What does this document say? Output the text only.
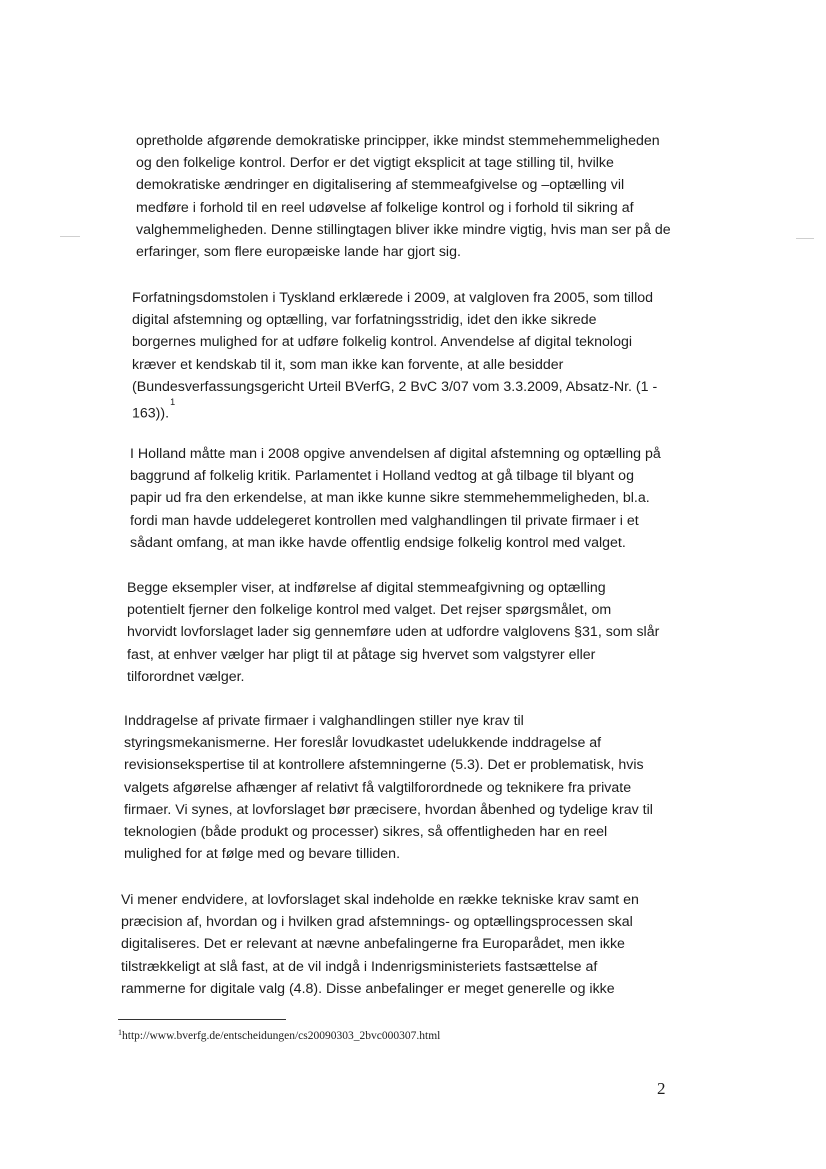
opretholde afgørende demokratiske principper, ikke mindst stemmehemmeligheden
og den folkelige kontrol. Derfor er det vigtigt eksplicit at tage stilling til, hvilke
demokratiske ændringer en digitalisering af stemmeafgivelse og –optælling vil
medføre i forhold til en reel udøvelse af folkelige kontrol og i forhold til sikring af
valghemmeligheden. Denne stillingtagen bliver ikke mindre vigtig, hvis man ser på de
erfaringer, som flere europæiske lande har gjort sig.
Forfatningsdomstolen i Tyskland erklærede i 2009, at valgloven fra 2005, som tillod
digital afstemning og optælling, var forfatningsstridig, idet den ikke sikrede
borgernes mulighed for at udføre folkelig kontrol. Anvendelse af digital teknologi
kræver et kendskab til it, som man ikke kan forvente, at alle besidder
(Bundesverfassungsgericht Urteil BVerfG, 2 BvC 3/07 vom 3.3.2009, Absatz-Nr. (1 -
163)).$^1$
I Holland måtte man i 2008 opgive anvendelsen af digital afstemning og optælling på
baggrund af folkelig kritik. Parlamentet i Holland vedtog at gå tilbage til blyant og
papir ud fra den erkendelse, at man ikke kunne sikre stemmehemmeligheden, bl.a.
fordi man havde uddelegeret kontrollen med valghandlingen til private firmaer i et
sådant omfang, at man ikke havde offentlig endsige folkelig kontrol med valget.
Begge eksempler viser, at indførelse af digital stemmeafgivning og optælling
potentielt fjerner den folkelige kontrol med valget. Det rejser spørgsmålet, om
hvorvidt lovforslaget lader sig gennemføre uden at udfordre valglovens §31, som slår
fast, at enhver vælger har pligt til at påtage sig hvervet som valgstyrer eller
tilforordnet vælger.
Inddragelse af private firmaer i valghandlingen stiller nye krav til
styringsmekanismerne. Her foreslår lovudkastet udelukkende inddragelse af
revisionsekspertise til at kontrollere afstemningerne (5.3). Det er problematisk, hvis
valgets afgørelse afhænger af relativt få valgtilforordnede og teknikere fra private
firmaer. Vi synes, at lovforslaget bør præcisere, hvordan åbenhed og tydelige krav til
teknologien (både produkt og processer) sikres, så offentligheden har en reel
mulighed for at følge med og bevare tilliden.
Vi mener endvidere, at lovforslaget skal indeholde en række tekniske krav samt en
præcision af, hvordan og i hvilken grad afstemnings- og optællingsprocessen skal
digitaliseres. Det er relevant at nævne anbefalingerne fra Europarådet, men ikke
tilstrækkeligt at slå fast, at de vil indgå i Indenrigsministeriets fastsættelse af
rammerne for digitale valg (4.8). Disse anbefalinger er meget generelle og ikke
$^1$http://www.bverfg.de/entscheidungen/cs20090303_2bvc000307.html
2
